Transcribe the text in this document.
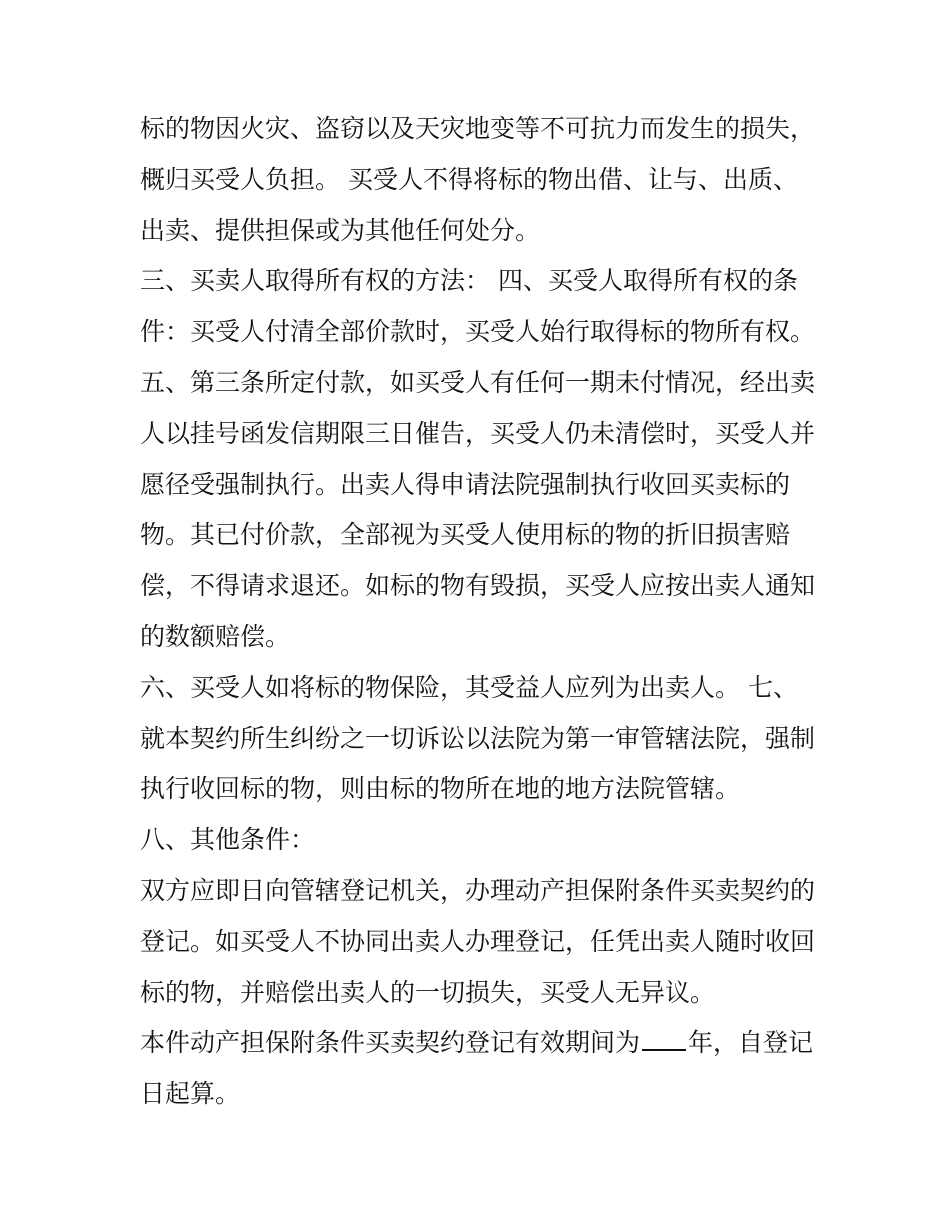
标的物因火灾、盗窃以及天灾地变等不可抗力而发生的损失，
概归买受人负担。 买受人不得将标的物出借、让与、出质、
出卖、提供担保或为其他任何处分。
三、买卖人取得所有权的方法： 四、买受人取得所有权的条
件：买受人付清全部价款时，买受人始行取得标的物所有权。
五、第三条所定付款，如买受人有任何一期未付情况，经出卖
人以挂号函发信期限三日催告，买受人仍未清偿时，买受人并
愿径受强制执行。出卖人得申请法院强制执行收回买卖标的
物。其已付价款，全部视为买受人使用标的物的折旧损害赔
偿，不得请求退还。如标的物有毁损，买受人应按出卖人通知
的数额赔偿。
六、买受人如将标的物保险，其受益人应列为出卖人。 七、
就本契约所生纠纷之一切诉讼以法院为第一审管辖法院，强制
执行收回标的物，则由标的物所在地的地方法院管辖。
八、其他条件：
双方应即日向管辖登记机关，办理动产担保附条件买卖契约的
登记。如买受人不协同出卖人办理登记，任凭出卖人随时收回
标的物，并赔偿出卖人的一切损失，买受人无异议。
本件动产担保附条件买卖契约登记有效期间为 年，自登记
日起算。
